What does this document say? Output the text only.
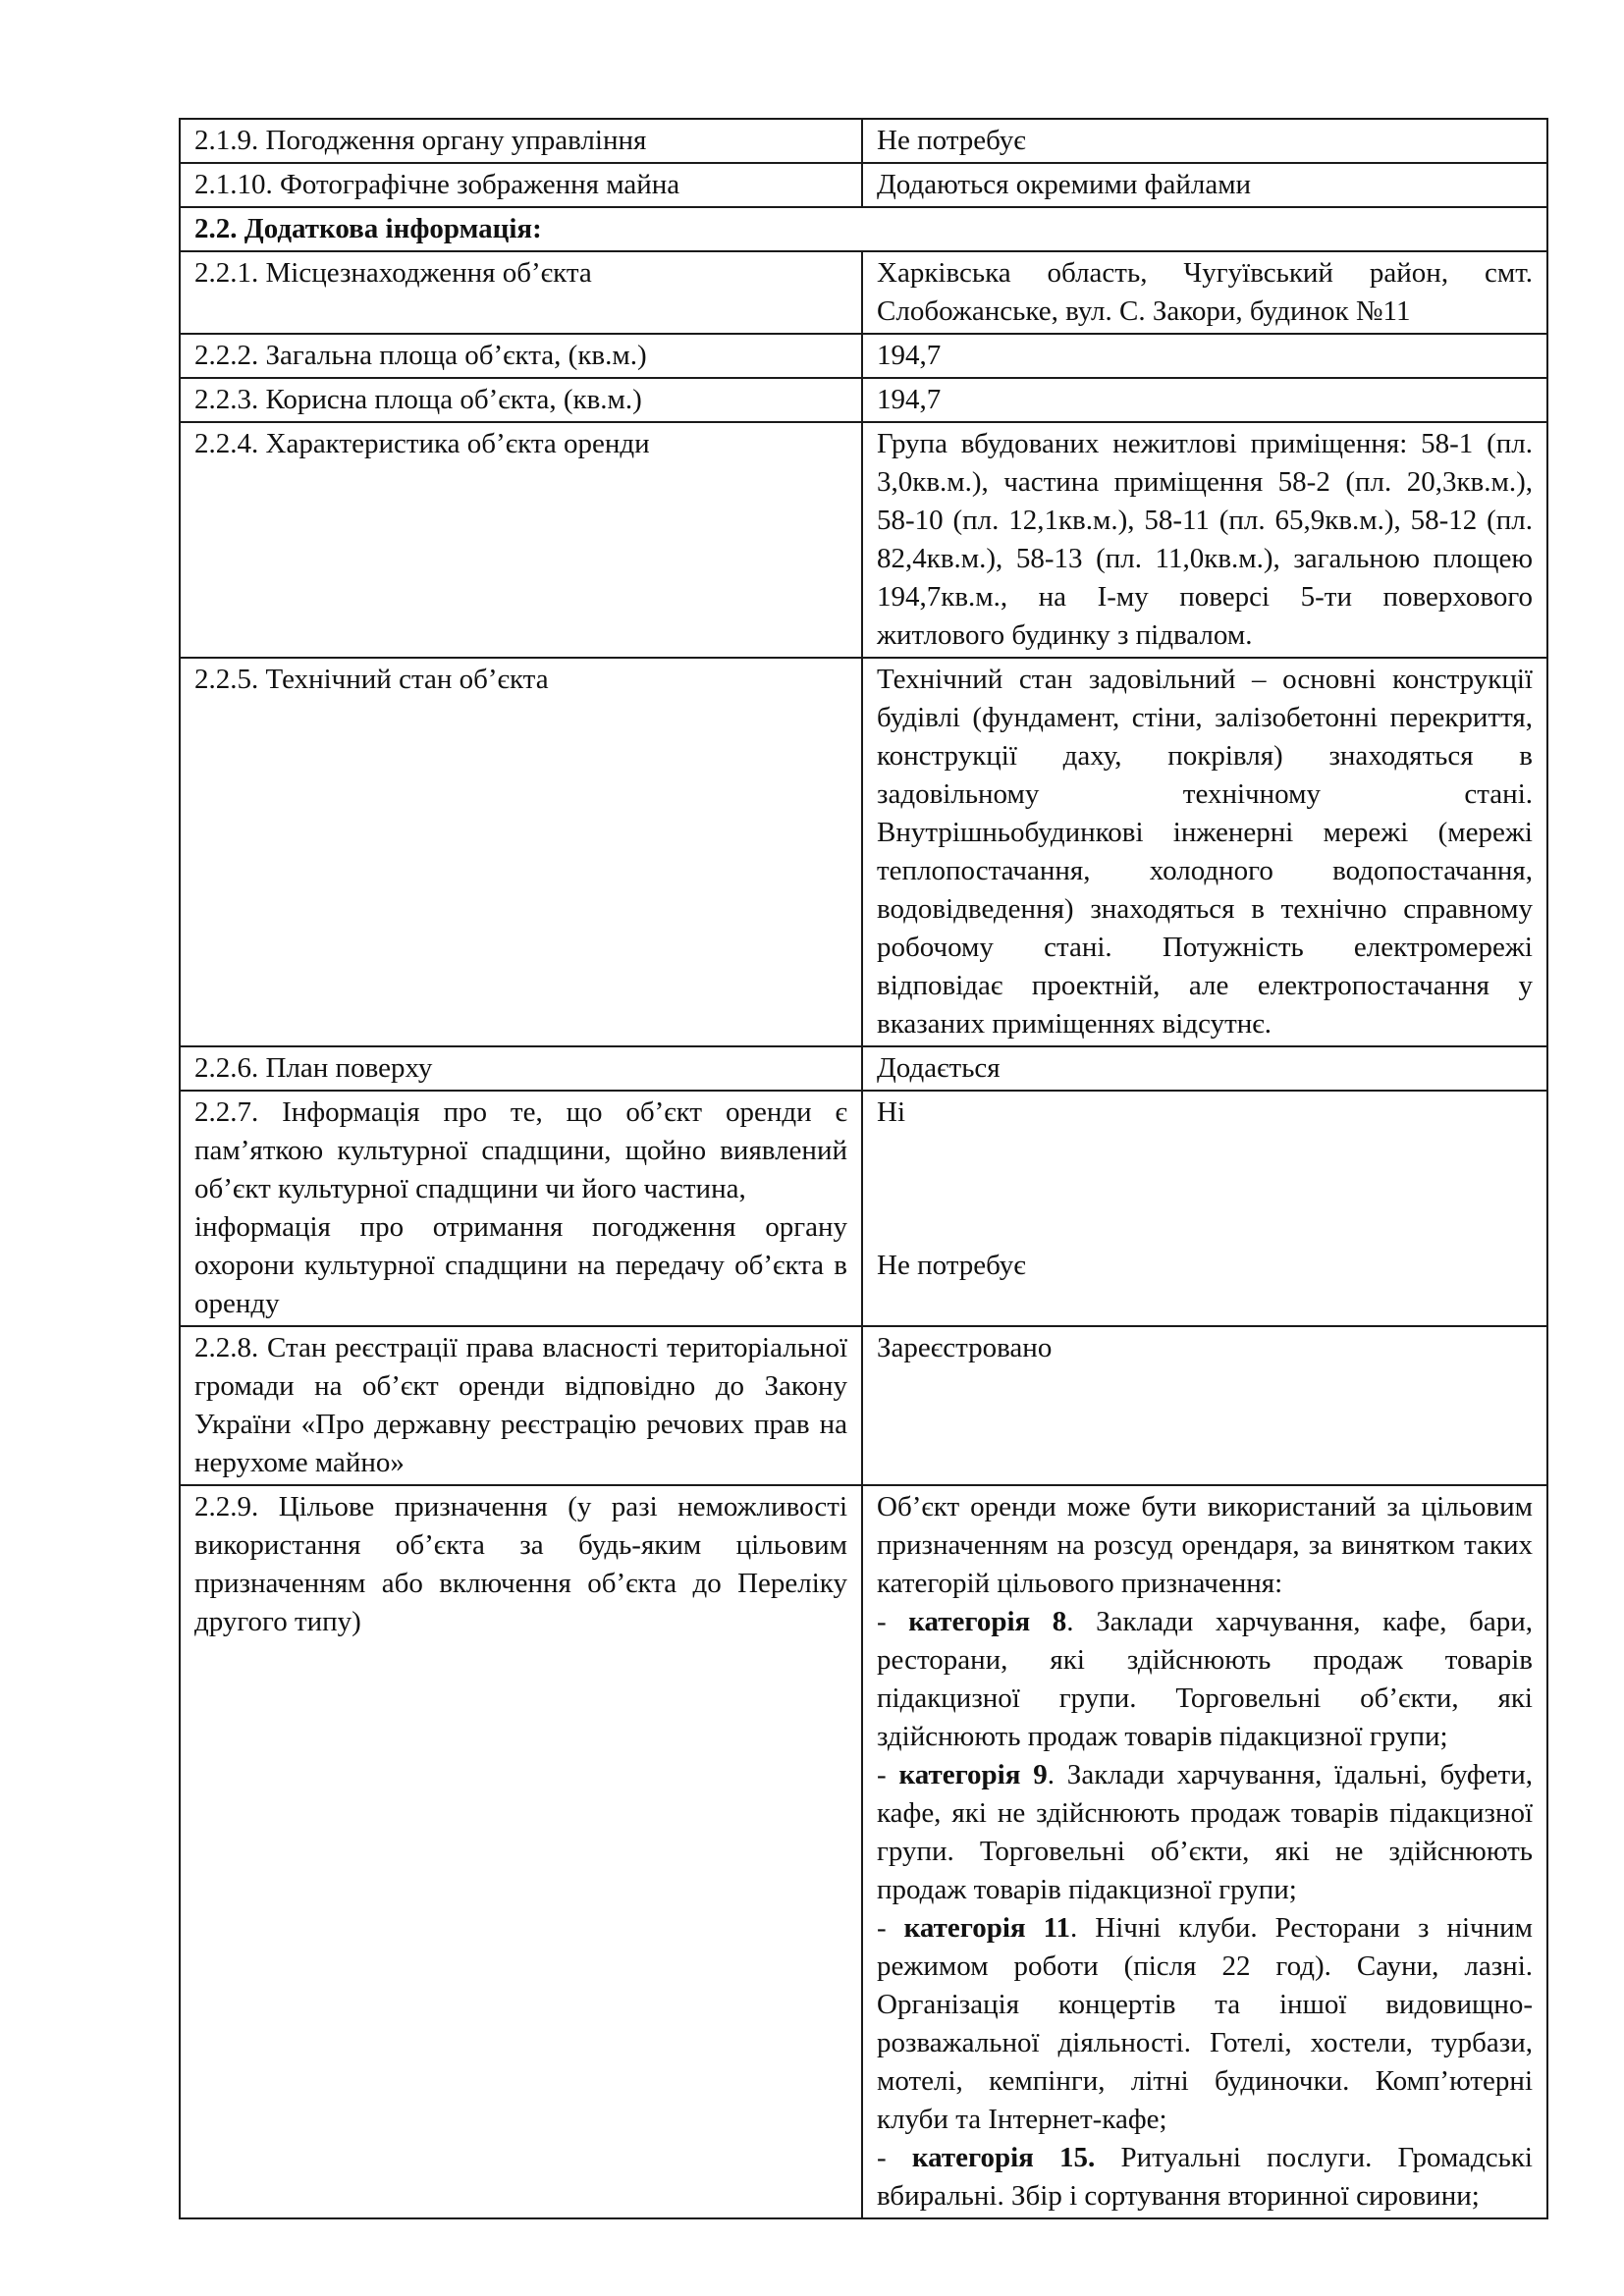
2.1.9. Погодження органу управління	Не потребує
2.1.10. Фотографічне зображення майна	Додаються окремими файлами
2.2. Додаткова інформація:	
2.2.1. Місцезнаходження об’єкта	Харківська область, Чугуївський район, смт. Слобожанське, вул. С. Закори, будинок №11
2.2.2. Загальна площа об’єкта, (кв.м.)	194,7
2.2.3. Корисна площа об’єкта, (кв.м.)	194,7
2.2.4. Характеристика об’єкта оренди	Група вбудованих нежитлові приміщення: 58-1 (пл. 3,0кв.м.), частина приміщення 58-2 (пл. 20,3кв.м.), 58-10 (пл. 12,1кв.м.), 58-11 (пл. 65,9кв.м.), 58-12 (пл. 82,4кв.м.), 58-13 (пл. 11,0кв.м.), загальною площею 194,7кв.м., на І-му поверсі 5-ти поверхового житлового будинку з підвалом.
2.2.5. Технічний стан об’єкта	Технічний стан задовільний – основні конструкції будівлі (фундамент, стіни, залізобетонні перекриття, конструкції даху, покрівля) знаходяться в задовільному технічному стані. Внутрішньобудинкові інженерні мережі (мережі теплопостачання, холодного водопостачання, водовідведення) знаходяться в технічно справному робочому стані. Потужність електромережі відповідає проектній, але електропостачання у вказаних приміщеннях відсутнє.
2.2.6. План поверху	Додається

2.2.7. Інформація про те, що об’єкт оренди є пам’яткою культурної спадщини, щойно виявлений об’єкт культурної спадщини чи його частина,
інформація про отримання погодження органу охорони культурної спадщини на передачу об’єкта в оренду	Ні
Не потребує

2.2.8. Стан реєстрації права власності територіальної громади на об’єкт оренди відповідно до Закону України «Про державну реєстрацію речових прав на нерухоме майно»	Зареєстровано
2.2.9. Цільове призначення (у разі неможливості використання об’єкта за будь-яким цільовим призначенням або включення об’єкта до Переліку другого типу)	Об’єкт оренди може бути використаний за цільовим призначенням на розсуд орендаря, за винятком таких категорій цільового призначення:
- категорія 8. Заклади харчування, кафе, бари, ресторани, які здійснюють продаж товарів підакцизної групи. Торговельні об’єкти, які здійснюють продаж товарів підакцизної групи;
- категорія 9. Заклади харчування, їдальні, буфети, кафе, які не здійснюють продаж товарів підакцизної групи. Торговельні об’єкти, які не здійснюють продаж товарів підакцизної групи;
- категорія 11. Нічні клуби. Ресторани з нічним режимом роботи (після 22 год). Сауни, лазні. Організація концертів та іншої видовищно-розважальної діяльності. Готелі, хостели, турбази, мотелі, кемпінги, літні будиночки. Комп’ютерні клуби та Інтернет-кафе;
- категорія 15. Ритуальні послуги. Громадські вбиральні. Збір і сортування вторинної сировини;
